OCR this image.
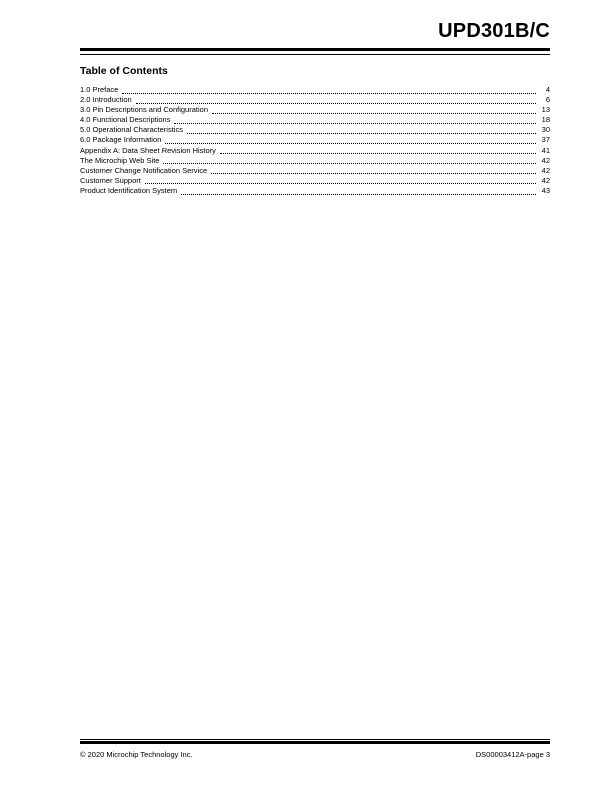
UPD301B/C
Table of Contents
1.0 Preface	4
2.0 Introduction	6
3.0 Pin Descriptions and Configuration	13
4.0 Functional Descriptions	18
5.0 Operational Characteristics	30
6.0 Package Information	37
Appendix A: Data Sheet Revision History	41
The Microchip Web Site	42
Customer Change Notification Service	42
Customer Support	42
Product Identification System	43
© 2020 Microchip Technology Inc.	DS00003412A-page 3
